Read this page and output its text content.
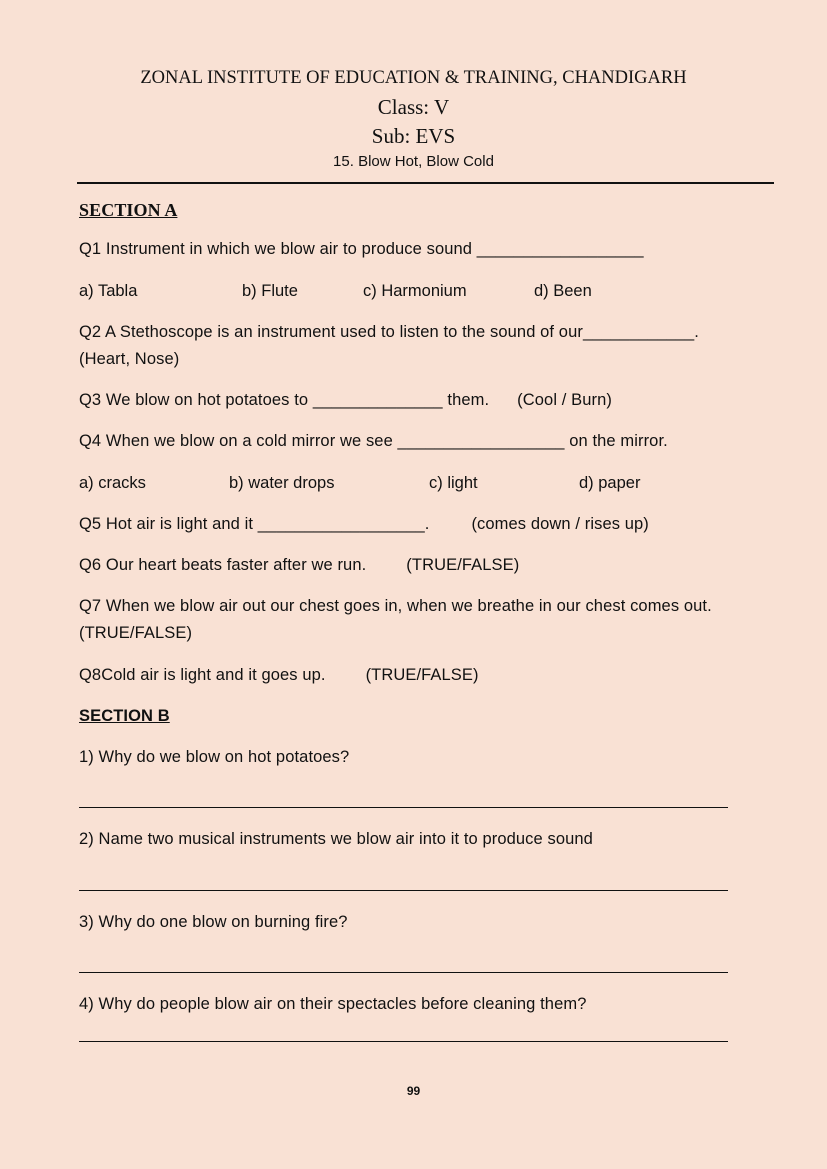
ZONAL INSTITUTE OF EDUCATION & TRAINING, CHANDIGARH
Class: V
Sub: EVS
15. Blow Hot, Blow Cold
SECTION A
Q1 Instrument in which we blow air to produce sound __________________
a) Tabla	b) Flute	c) Harmonium	d) Been
Q2 A Stethoscope is an instrument used to listen to the sound of our____________.
(Heart, Nose)
Q3 We blow on hot potatoes to ______________ them. (Cool / Burn)
Q4 When we blow on a cold mirror we see __________________ on the mirror.
a) cracks	b) water drops	c) light	d) paper
Q5 Hot air is light and it __________________.	(comes down / rises up)
Q6 Our heart beats faster after we run. (TRUE/FALSE)
Q7 When we blow air out our chest goes in, when we breathe in our chest comes out.
(TRUE/FALSE)
Q8Cold air is light and it goes up. (TRUE/FALSE)
SECTION B
1) Why do we blow on hot potatoes?
2) Name two musical instruments we blow air into it to produce sound
3) Why do one blow on burning fire?
4) Why do people blow air on their spectacles before cleaning them?
99
